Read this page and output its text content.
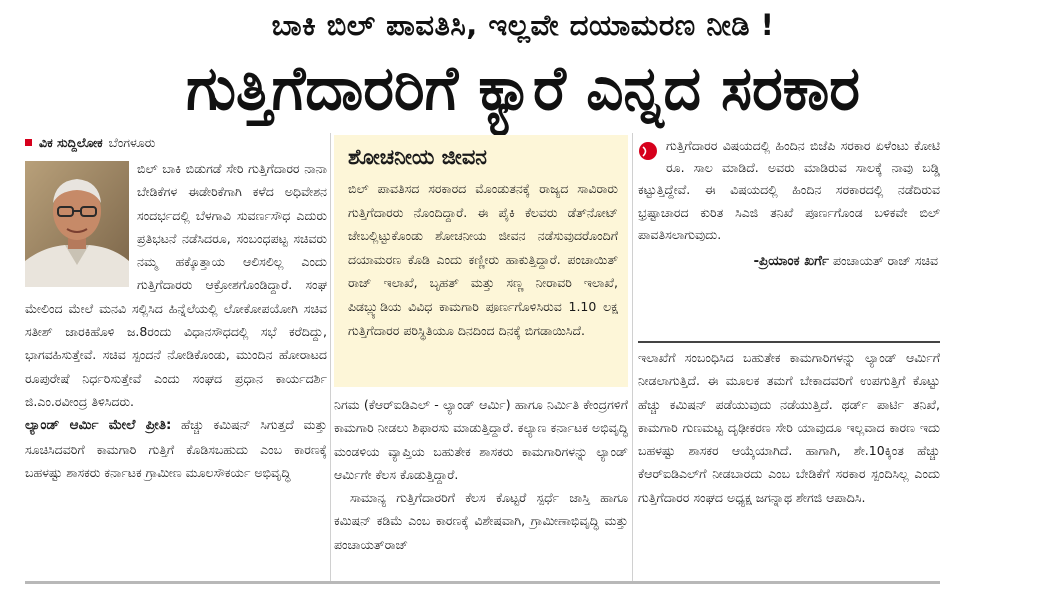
ಬಾಕಿ ಬಿಲ್ ಪಾವತಿಸಿ, ಇಲ್ಲವೇ ದಯಾಮರಣ ನೀಡಿ !
ಗುತ್ತಿಗೆದಾರರಿಗೆ ಕ್ಯಾರೆ ಎನ್ನದ ಸರಕಾರ
ವಿಕ ಸುದ್ದಿಲೋಕ ಬೆಂಗಳೂರು

ಬಿಲ್ ಬಾಕಿ ಬಿಡುಗಡೆ ಸೇರಿ ಗುತ್ತಿಗೆದಾರರ ನಾನಾ ಬೇಡಿಕೆಗಳ ಈಡೇರಿಕೆಗಾಗಿ ಕಳೆದ ಅಧಿವೇಶನ ಸಂದರ್ಭದಲ್ಲಿ ಬೆಳಗಾವಿ ಸುವರ್ಣಸೌಧ ಎದುರು ಪ್ರತಿಭಟನೆ ನಡೆಸಿದರೂ, ಸಂಬಂಧಪಟ್ಟ ಸಚಿವರು ನಮ್ಮ ಹಕ್ಕೊತ್ತಾಯ ಆಲಿಸಲಿಲ್ಲ ಎಂದು ಗುತ್ತಿಗೆದಾರರು ಆಕ್ರೋಶಗೊಂಡಿದ್ದಾರೆ. ಸಂಘ ಮೇಲಿಂದ ಮೇಲೆ ಮನವಿ ಸಲ್ಲಿಸಿದ ಹಿನ್ನೆಲೆಯಲ್ಲಿ ಲೋಕೋಪಯೋಗಿ ಸಚಿವ ಸತೀಶ್ ಜಾರಕಿಹೊಳಿ ಜ.8ರಂದು ವಿಧಾನಸೌಧದಲ್ಲಿ ಸಭೆ ಕರೆದಿದ್ದು, ಭಾಗವಹಿಸುತ್ತೇವೆ. ಸಚಿವ ಸ್ಪಂದನೆ ನೋಡಿಕೊಂಡು, ಮುಂದಿನ ಹೋರಾಟದ ರೂಪುರೇಷೆ ನಿರ್ಧರಿಸುತ್ತೇವೆ ಎಂದು ಸಂಘದ ಪ್ರಧಾನ ಕಾರ್ಯದರ್ಶಿ ಜಿ.ಎಂ.ರವೀಂದ್ರ ತಿಳಿಸಿದರು.

ಲ್ಯಾಂಡ್ ಆರ್ಮಿ ಮೇಲೆ ಪ್ರೀತಿ: ಹೆಚ್ಚು ಕಮಿಷನ್ ಸಿಗುತ್ತದೆ ಮತ್ತು ಸೂಚಿಸಿದವರಿಗೆ ಕಾಮಗಾರಿ ಗುತ್ತಿಗೆ ಕೊಡಿಸಬಹುದು ಎಂಬ ಕಾರಣಕ್ಕೆ ಬಹಳಷ್ಟು ಶಾಸಕರು ಕರ್ನಾಟಕ ಗ್ರಾಮೀಣ ಮೂಲಸೌಕರ್ಯ ಅಭಿವೃದ್ಧಿ

ಶೋಚನೀಯ ಜೀವನ
ಬಿಲ್ ಪಾವತಿಸದ ಸರಕಾರದ ಮೊಂಡುತನಕ್ಕೆ ರಾಜ್ಯದ ಸಾವಿರಾರು ಗುತ್ತಿಗೆದಾರರು ನೊಂದಿದ್ದಾರೆ. ಈ ಪೈಕಿ ಕೆಲವರು ಡೆತ್‌ನೋಟ್ ಜೇಬಲ್ಲಿಟ್ಟುಕೊಂಡು ಶೋಚನೀಯ ಜೀವನ ನಡೆಸುವುದರೊಂದಿಗೆ ದಯಾಮರಣ ಕೊಡಿ ಎಂದು ಕಣ್ಣೀರು ಹಾಕುತ್ತಿದ್ದಾರೆ. ಪಂಚಾಯಿತ್ ರಾಜ್ ಇಲಾಖೆ, ಬೃಹತ್ ಮತ್ತು ಸಣ್ಣ ನೀರಾವರಿ ಇಲಾಖೆ, ಪಿಡಬ್ಲ್ಯುಡಿಯ ವಿವಿಧ ಕಾಮಗಾರಿ ಪೂರ್ಣಗೊಳಿಸಿರುವ 1.10 ಲಕ್ಷ ಗುತ್ತಿಗೆದಾರರ ಪರಿಸ್ಥಿತಿಯೂ ದಿನದಿಂದ ದಿನಕ್ಕೆ ಬಿಗಡಾಯಿಸಿದೆ.

ನಿಗಮ (ಕೆಆರ್‌ಐಡಿಎಲ್ - ಲ್ಯಾಂಡ್ ಆರ್ಮಿ) ಹಾಗೂ ನಿರ್ಮಿತಿ ಕೇಂದ್ರಗಳಿಗೆ ಕಾಮಗಾರಿ ನೀಡಲು ಶಿಫಾರಸು ಮಾಡುತ್ತಿದ್ದಾರೆ. ಕಲ್ಯಾಣ ಕರ್ನಾಟಕ ಅಭಿವೃದ್ಧಿ ಮಂಡಳಿಯ ವ್ಯಾಪ್ತಿಯ ಬಹುತೇಕ ಶಾಸಕರು ಕಾಮಗಾರಿಗಳನ್ನು ಲ್ಯಾಂಡ್ ಆರ್ಮಿಗೇ ಕೆಲಸ ಕೊಡುತ್ತಿದ್ದಾರೆ.

ಸಾಮಾನ್ಯ ಗುತ್ತಿಗೆದಾರರಿಗೆ ಕೆಲಸ ಕೊಟ್ಟರೆ ಸ್ಪರ್ಧೆ ಜಾಸ್ತಿ ಹಾಗೂ ಕಮಿಷನ್ ಕಡಿಮೆ ಎಂಬ ಕಾರಣಕ್ಕೆ ವಿಶೇಷವಾಗಿ, ಗ್ರಾಮೀಣಾಭಿವೃದ್ಧಿ ಮತ್ತು ಪಂಚಾಯತ್‌ರಾಜ್

ಗುತ್ತಿಗೆದಾರರ ವಿಷಯದಲ್ಲಿ ಹಿಂದಿನ ಬಿಜೆಪಿ ಸರಕಾರ ಏಳೆಂಟು ಕೋಟಿ ರೂ. ಸಾಲ ಮಾಡಿದೆ. ಅವರು ಮಾಡಿರುವ ಸಾಲಕ್ಕೆ ನಾವು ಬಡ್ಡಿ ಕಟ್ಟುತ್ತಿದ್ದೇವೆ. ಈ ವಿಷಯದಲ್ಲಿ ಹಿಂದಿನ ಸರಕಾರದಲ್ಲಿ ನಡೆದಿರುವ ಭ್ರಷ್ಟಾಚಾರದ ಕುರಿತ ಸಿಎಜಿ ತನಿಖೆ ಪೂರ್ಣಗೊಂಡ ಬಳಿಕವೇ ಬಿಲ್ ಪಾವತಿಸಲಾಗುವುದು.
-ಪ್ರಿಯಾಂಕ ಖರ್ಗೆ ಪಂಚಾಯತ್ ರಾಜ್ ಸಚಿವ

ಇಲಾಖೆಗೆ ಸಂಬಂಧಿಸಿದ ಬಹುತೇಕ ಕಾಮಗಾರಿಗಳನ್ನು ಲ್ಯಾಂಡ್ ಆರ್ಮಿಗೆ ನೀಡಲಾಗುತ್ತಿದೆ. ಈ ಮೂಲಕ ತಮಗೆ ಬೇಕಾದವರಿಗೆ ಉಪಗುತ್ತಿಗೆ ಕೊಟ್ಟು ಹೆಚ್ಚು ಕಮಿಷನ್ ಪಡೆಯುವುದು ನಡೆಯುತ್ತಿದೆ. ಥರ್ಡ್ ಪಾರ್ಟಿ ತನಿಖೆ, ಕಾಮಗಾರಿ ಗುಣಮಟ್ಟ ದೃಢೀಕರಣ ಸೇರಿ ಯಾವುದೂ ಇಲ್ಲವಾದ ಕಾರಣ ಇದು ಬಹಳಷ್ಟು ಶಾಸಕರ ಆಯ್ಕೆಯಾಗಿದೆ. ಹಾಗಾಗಿ, ಶೇ.10ಕ್ಕಿಂತ ಹೆಚ್ಚು ಕೆಆರ್‌ಐಡಿಎಲ್‌ಗೆ ನೀಡಬಾರದು ಎಂಬ ಬೇಡಿಕೆಗೆ ಸರಕಾರ ಸ್ಪಂದಿಸಿಲ್ಲ ಎಂದು ಗುತ್ತಿಗೆದಾರರ ಸಂಘದ ಅಧ್ಯಕ್ಷ ಜಗನ್ನಾಥ ಶೇಗಜಿ ಆಪಾದಿಸಿ.
